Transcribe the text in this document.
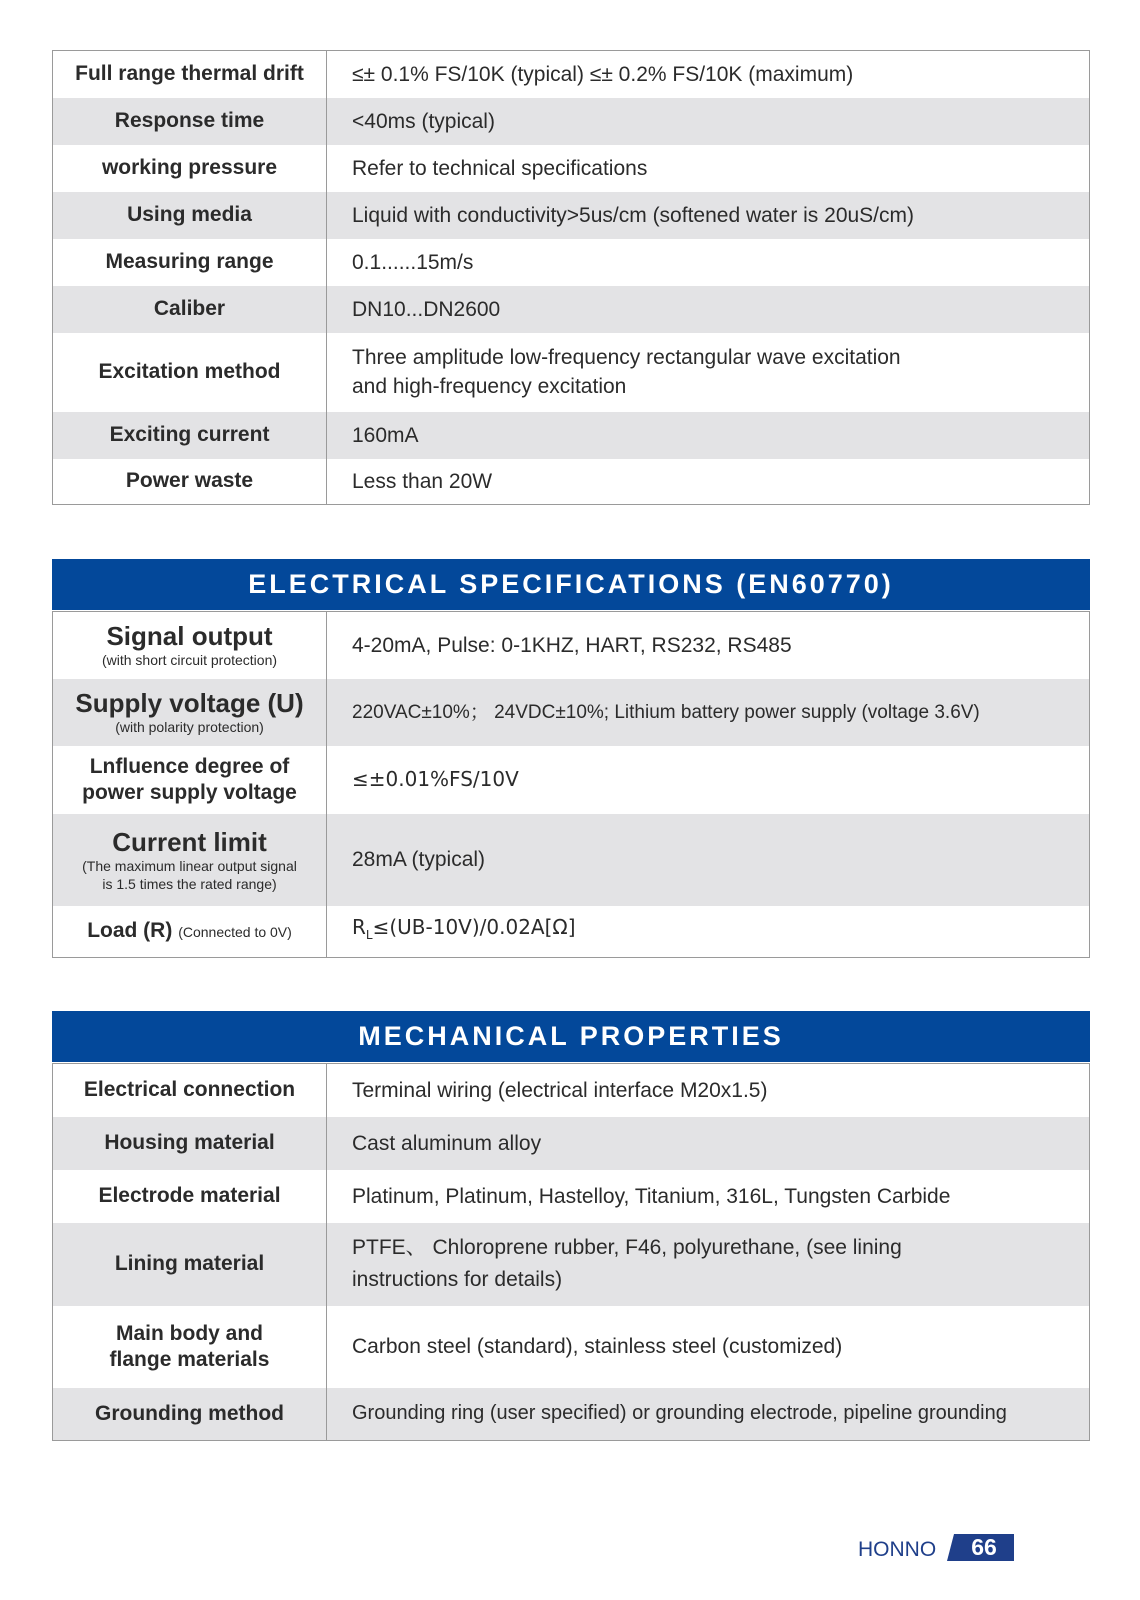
Full range thermal drift	≤± 0.1% FS/10K (typical) ≤± 0.2% FS/10K (maximum)
Response time	<40ms (typical)
working pressure	Refer to technical specifications
Using media	Liquid with conductivity>5us/cm (softened water is 20uS/cm)
Measuring range	0.1......15m/s
Caliber	DN10...DN2600
Excitation method	Three amplitude low-frequency rectangular wave excitation
and high-frequency excitation
Exciting current	160mA
Power waste	Less than 20W
ELECTRICAL SPECIFICATIONS (EN60770)
Signal output
(with short circuit protection)	4-20mA, Pulse: 0-1KHZ, HART, RS232, RS485

Supply voltage (U)
(with polarity protection)	220VAC±10%； 24VDC±10%; Lithium battery power supply (voltage 3.6V)
Lnfluence degree of
power supply voltage	≤±0.01%FS/10V

Current limit
(The maximum linear output signal
is 1.5 times the rated range)	28mA (typical)
Load (R) (Connected to 0V)	$R_L\le(UB-10V)/0.02A[\Omega]$
MECHANICAL PROPERTIES
Electrical connection	Terminal wiring (electrical interface M20x1.5)
Housing material	Cast aluminum alloy
Electrode material	Platinum, Platinum, Hastelloy, Titanium, 316L, Tungsten Carbide
Lining material	PTFE、 Chloroprene rubber, F46, polyurethane, (see lining
instructions for details)
Main body and
flange materials	Carbon steel (standard), stainless steel (customized)
Grounding method	Grounding ring (user specified) or grounding electrode, pipeline grounding
HONNO	66
